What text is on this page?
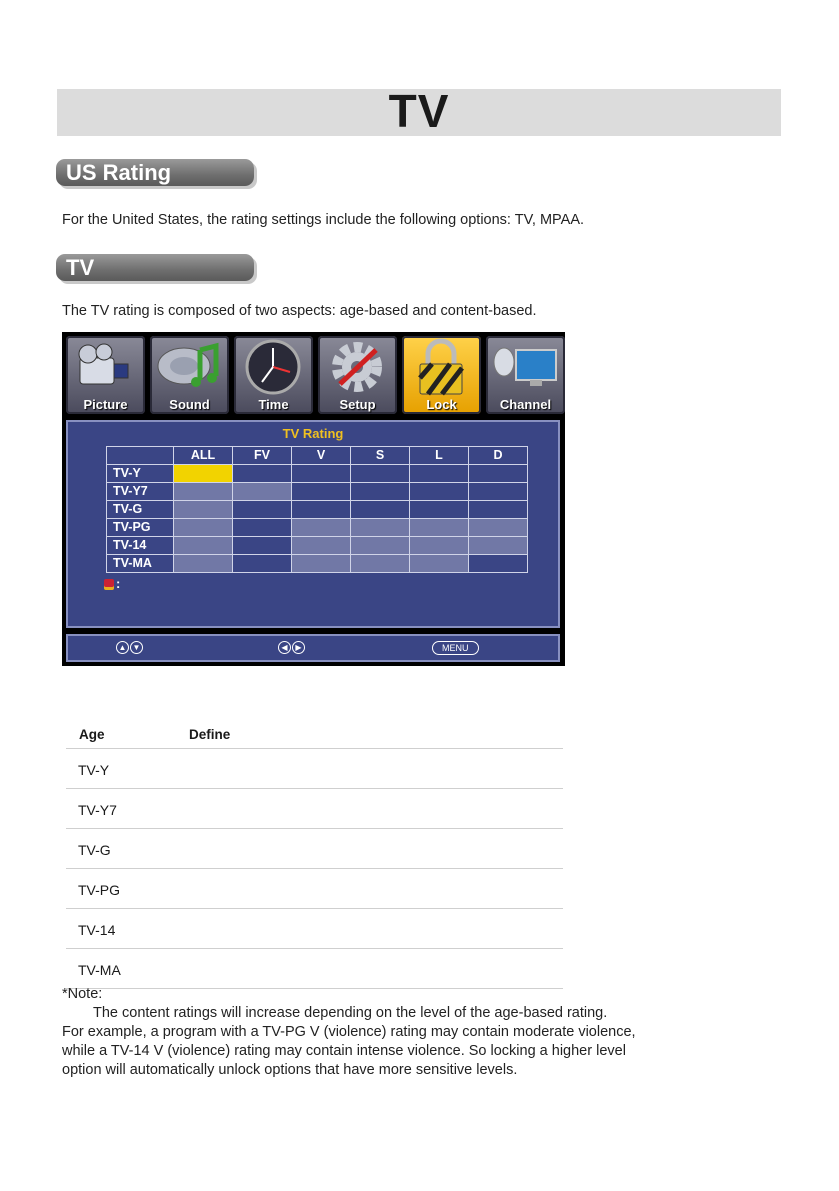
TV
US Rating
For the United States, the rating settings include the following options: TV, MPAA.
TV
The TV rating is composed of two aspects: age-based and content-based.
Picture	Sound	Time	Setup	Lock	Channel
TV Rating
	ALL	FV	V	S	L	D
TV-Y						
TV-Y7						
TV-G						
TV-PG						
TV-14						
TV-MA						
:
▲ ▼	◀ ▶	MENU
Age	Define
TV-Y
TV-Y7
TV-G
TV-PG
TV-14
TV-MA
*Note:
The content ratings will increase depending on the level of the age-based rating.
For example, a program with a TV-PG V (violence) rating may contain moderate violence,
while a TV-14 V (violence) rating may contain intense violence. So locking a higher level
option will automatically unlock options that have more sensitive levels.
